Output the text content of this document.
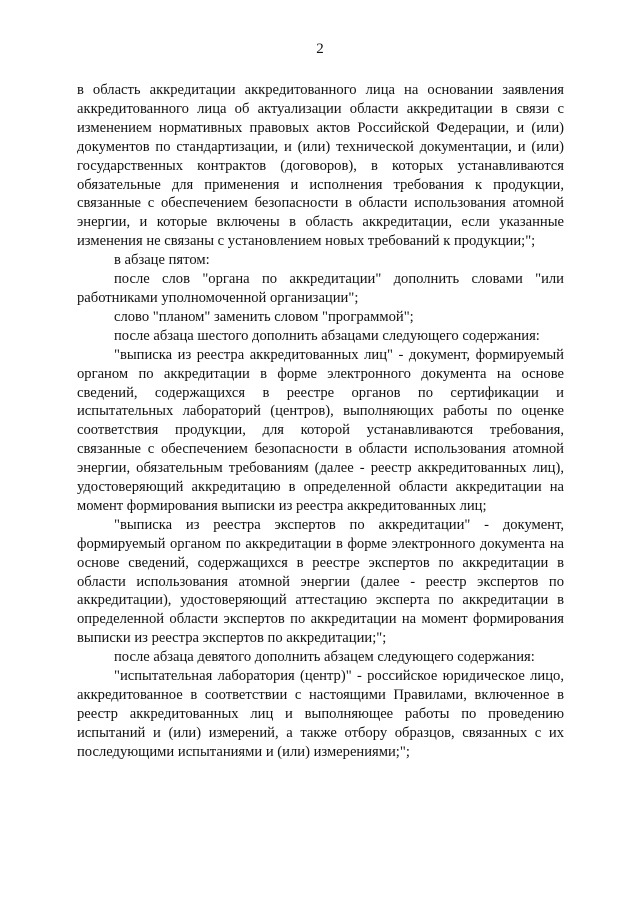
2

в область аккредитации аккредитованного лица на основании заявления аккредитованного лица об актуализации области аккредитации в связи с изменением нормативных правовых актов Российской Федерации, и (или) документов по стандартизации, и (или) технической документации, и (или) государственных контрактов (договоров), в которых устанавливаются обязательные для применения и исполнения требования к продукции, связанные с обеспечением безопасности в области использования атомной энергии, и которые включены в область аккредитации, если указанные изменения не связаны с установлением новых требований к продукции;";

в абзаце пятом:

после слов "органа по аккредитации" дополнить словами "или работниками уполномоченной организации";

слово "планом" заменить словом "программой";

после абзаца шестого дополнить абзацами следующего содержания:

"выписка из реестра аккредитованных лиц" - документ, формируемый органом по аккредитации в форме электронного документа на основе сведений, содержащихся в реестре органов по сертификации и испытательных лабораторий (центров), выполняющих работы по оценке соответствия продукции, для которой устанавливаются требования, связанные с обеспечением безопасности в области использования атомной энергии, обязательным требованиям (далее - реестр аккредитованных лиц), удостоверяющий аккредитацию в определенной области аккредитации на момент формирования выписки из реестра аккредитованных лиц;

"выписка из реестра экспертов по аккредитации" - документ, формируемый органом по аккредитации в форме электронного документа на основе сведений, содержащихся в реестре экспертов по аккредитации в области использования атомной энергии (далее - реестр экспертов по аккредитации), удостоверяющий аттестацию эксперта по аккредитации в определенной области экспертов по аккредитации на момент формирования выписки из реестра экспертов по аккредитации;";

после абзаца девятого дополнить абзацем следующего содержания:

"испытательная лаборатория (центр)" - российское юридическое лицо, аккредитованное в соответствии с настоящими Правилами, включенное в реестр аккредитованных лиц и выполняющее работы по проведению испытаний и (или) измерений, а также отбору образцов, связанных с их последующими испытаниями и (или) измерениями;";
